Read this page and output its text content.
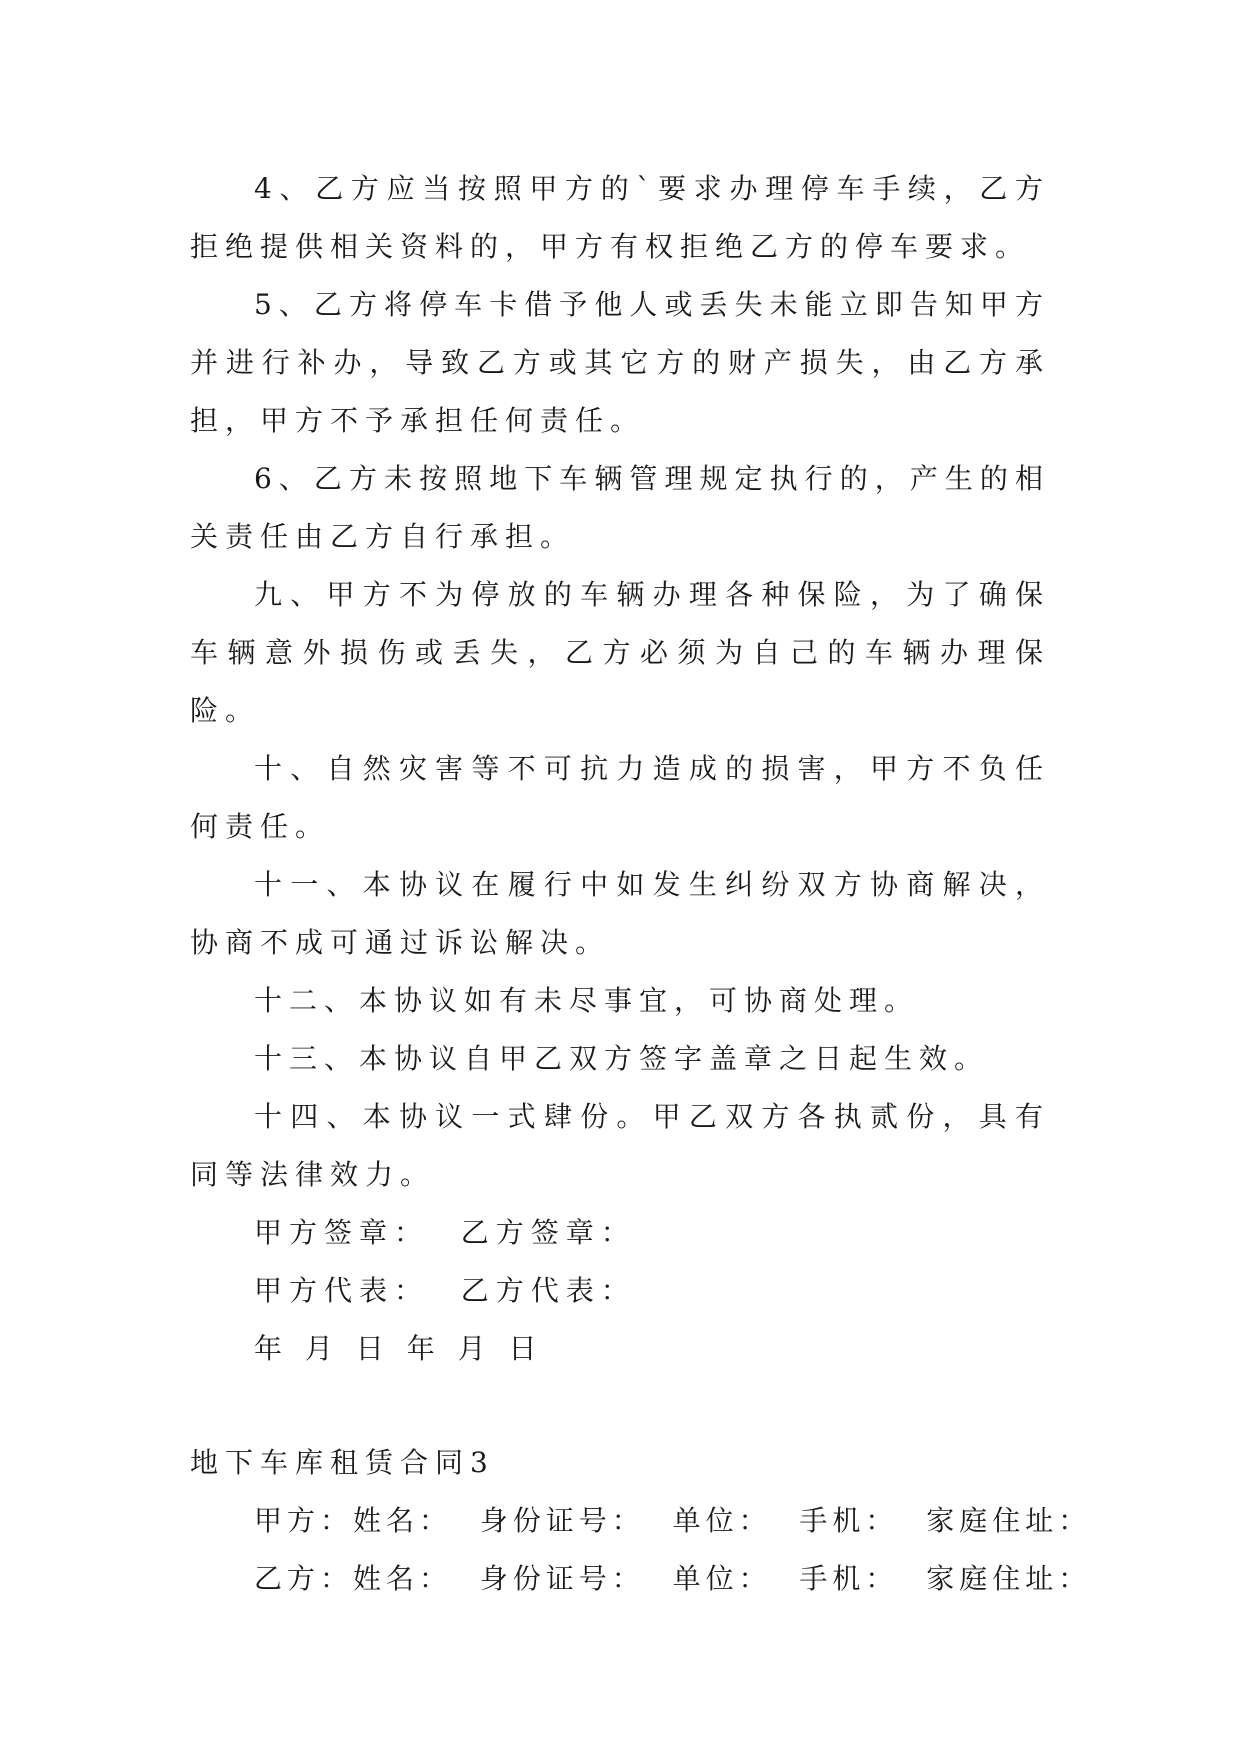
4、乙方应当按照甲方的`要求办理停车手续，乙方拒绝提供相关资料的，甲方有权拒绝乙方的停车要求。

5、乙方将停车卡借予他人或丢失未能立即告知甲方并进行补办，导致乙方或其它方的财产损失，由乙方承担，甲方不予承担任何责任。

6、乙方未按照地下车辆管理规定执行的，产生的相关责任由乙方自行承担。

九、甲方不为停放的车辆办理各种保险，为了确保车辆意外损伤或丢失，乙方必须为自己的车辆办理保险。

十、自然灾害等不可抗力造成的损害，甲方不负任何责任。

十一、本协议在履行中如发生纠纷双方协商解决，协商不成可通过诉讼解决。

十二、本协议如有未尽事宜，可协商处理。

十三、本协议自甲乙双方签字盖章之日起生效。

十四、本协议一式肆份。甲乙双方各执贰份，具有同等法律效力。

甲方签章：  乙方签章：

甲方代表：  乙方代表：

年 月 日 年 月 日

地下车库租赁合同3

甲方：姓名：  身份证号：  单位：  手机：  家庭住址：

乙方：姓名：  身份证号：  单位：  手机：  家庭住址：
